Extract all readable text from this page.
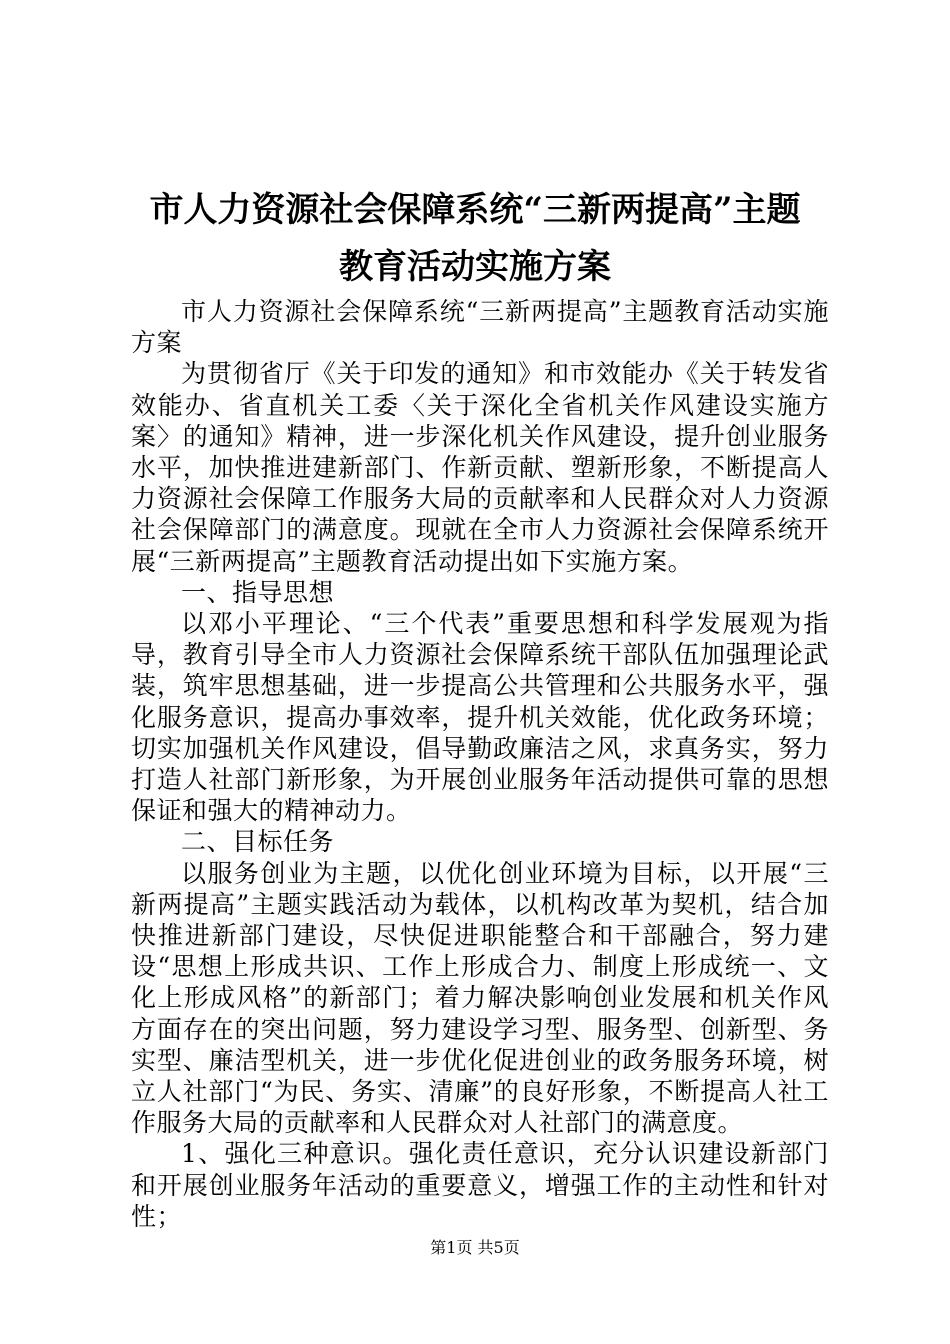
市人力资源社会保障系统“三新两提高”主题
教育活动实施方案

市人力资源社会保障系统“三新两提高”主题教育活动实施方案

为贯彻省厅《关于印发的通知》和市效能办《关于转发省效能办、省直机关工委〈关于深化全省机关作风建设实施方案〉的通知》精神，进一步深化机关作风建设，提升创业服务水平，加快推进建新部门、作新贡献、塑新形象，不断提高人力资源社会保障工作服务大局的贡献率和人民群众对人力资源社会保障部门的满意度。现就在全市人力资源社会保障系统开展“三新两提高”主题教育活动提出如下实施方案。

一、指导思想

以邓小平理论、“三个代表”重要思想和科学发展观为指导，教育引导全市人力资源社会保障系统干部队伍加强理论武装，筑牢思想基础，进一步提高公共管理和公共服务水平，强化服务意识，提高办事效率，提升机关效能，优化政务环境；切实加强机关作风建设，倡导勤政廉洁之风，求真务实，努力打造人社部门新形象，为开展创业服务年活动提供可靠的思想保证和强大的精神动力。

二、目标任务

以服务创业为主题，以优化创业环境为目标，以开展“三新两提高”主题实践活动为载体，以机构改革为契机，结合加快推进新部门建设，尽快促进职能整合和干部融合，努力建设“思想上形成共识、工作上形成合力、制度上形成统一、文化上形成风格”的新部门；着力解决影响创业发展和机关作风方面存在的突出问题，努力建设学习型、服务型、创新型、务实型、廉洁型机关，进一步优化促进创业的政务服务环境，树立人社部门“为民、务实、清廉”的良好形象，不断提高人社工作服务大局的贡献率和人民群众对人社部门的满意度。

1、强化三种意识。强化责任意识，充分认识建设新部门和开展创业服务年活动的重要意义，增强工作的主动性和针对性；

第1页 共5页
